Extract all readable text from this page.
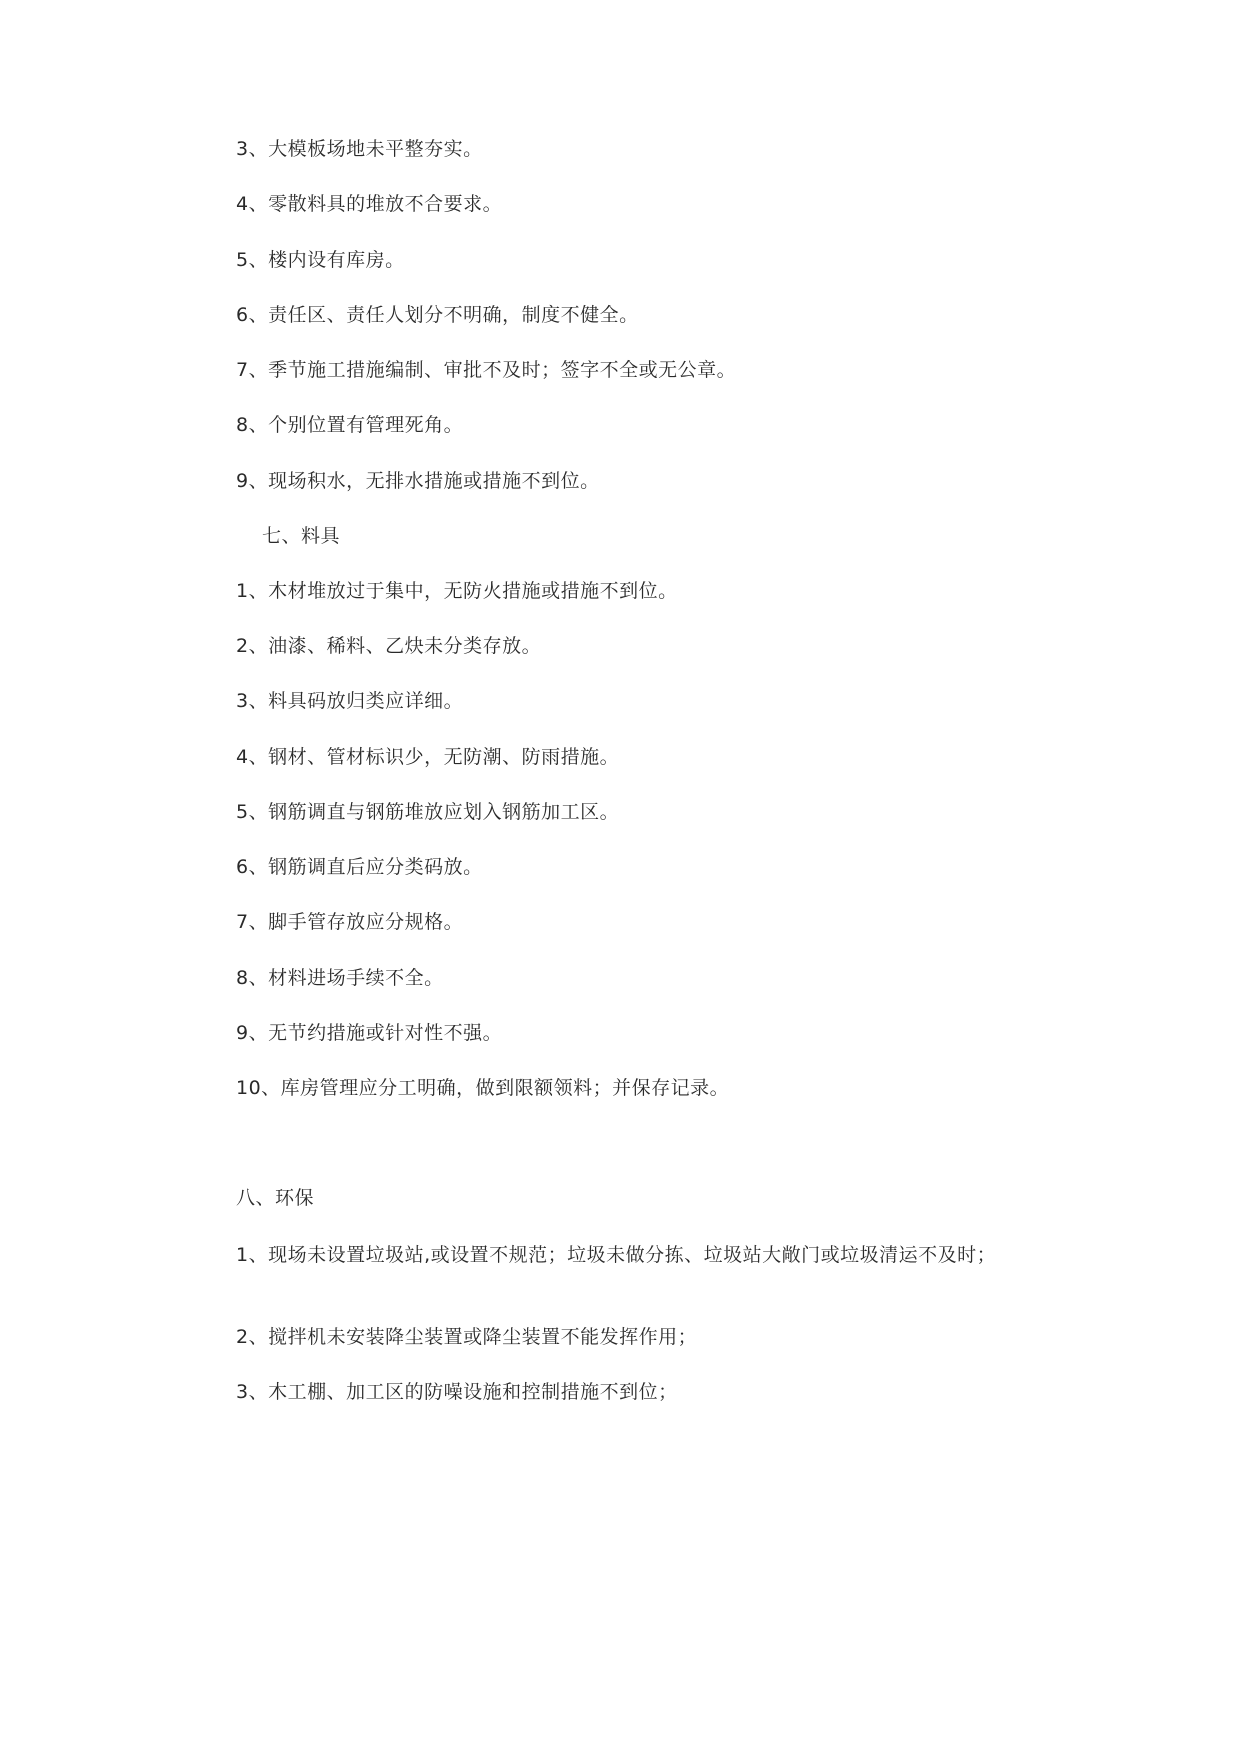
3、大模板场地未平整夯实。

4、零散料具的堆放不合要求。

5、楼内设有库房。

6、责任区、责任人划分不明确，制度不健全。

7、季节施工措施编制、审批不及时；签字不全或无公章。

8、个别位置有管理死角。

9、现场积水，无排水措施或措施不到位。

七、料具

1、木材堆放过于集中，无防火措施或措施不到位。

2、油漆、稀料、乙炔未分类存放。

3、料具码放归类应详细。

4、钢材、管材标识少，无防潮、防雨措施。

5、钢筋调直与钢筋堆放应划入钢筋加工区。

6、钢筋调直后应分类码放。

7、脚手管存放应分规格。

8、材料进场手续不全。

9、无节约措施或针对性不强。

10、库房管理应分工明确，做到限额领料；并保存记录。

八、环保

1、现场未设置垃圾站,或设置不规范；垃圾未做分拣、垃圾站大敞门或垃圾清运不及时；

2、搅拌机未安装降尘装置或降尘装置不能发挥作用；

3、木工棚、加工区的防噪设施和控制措施不到位；
